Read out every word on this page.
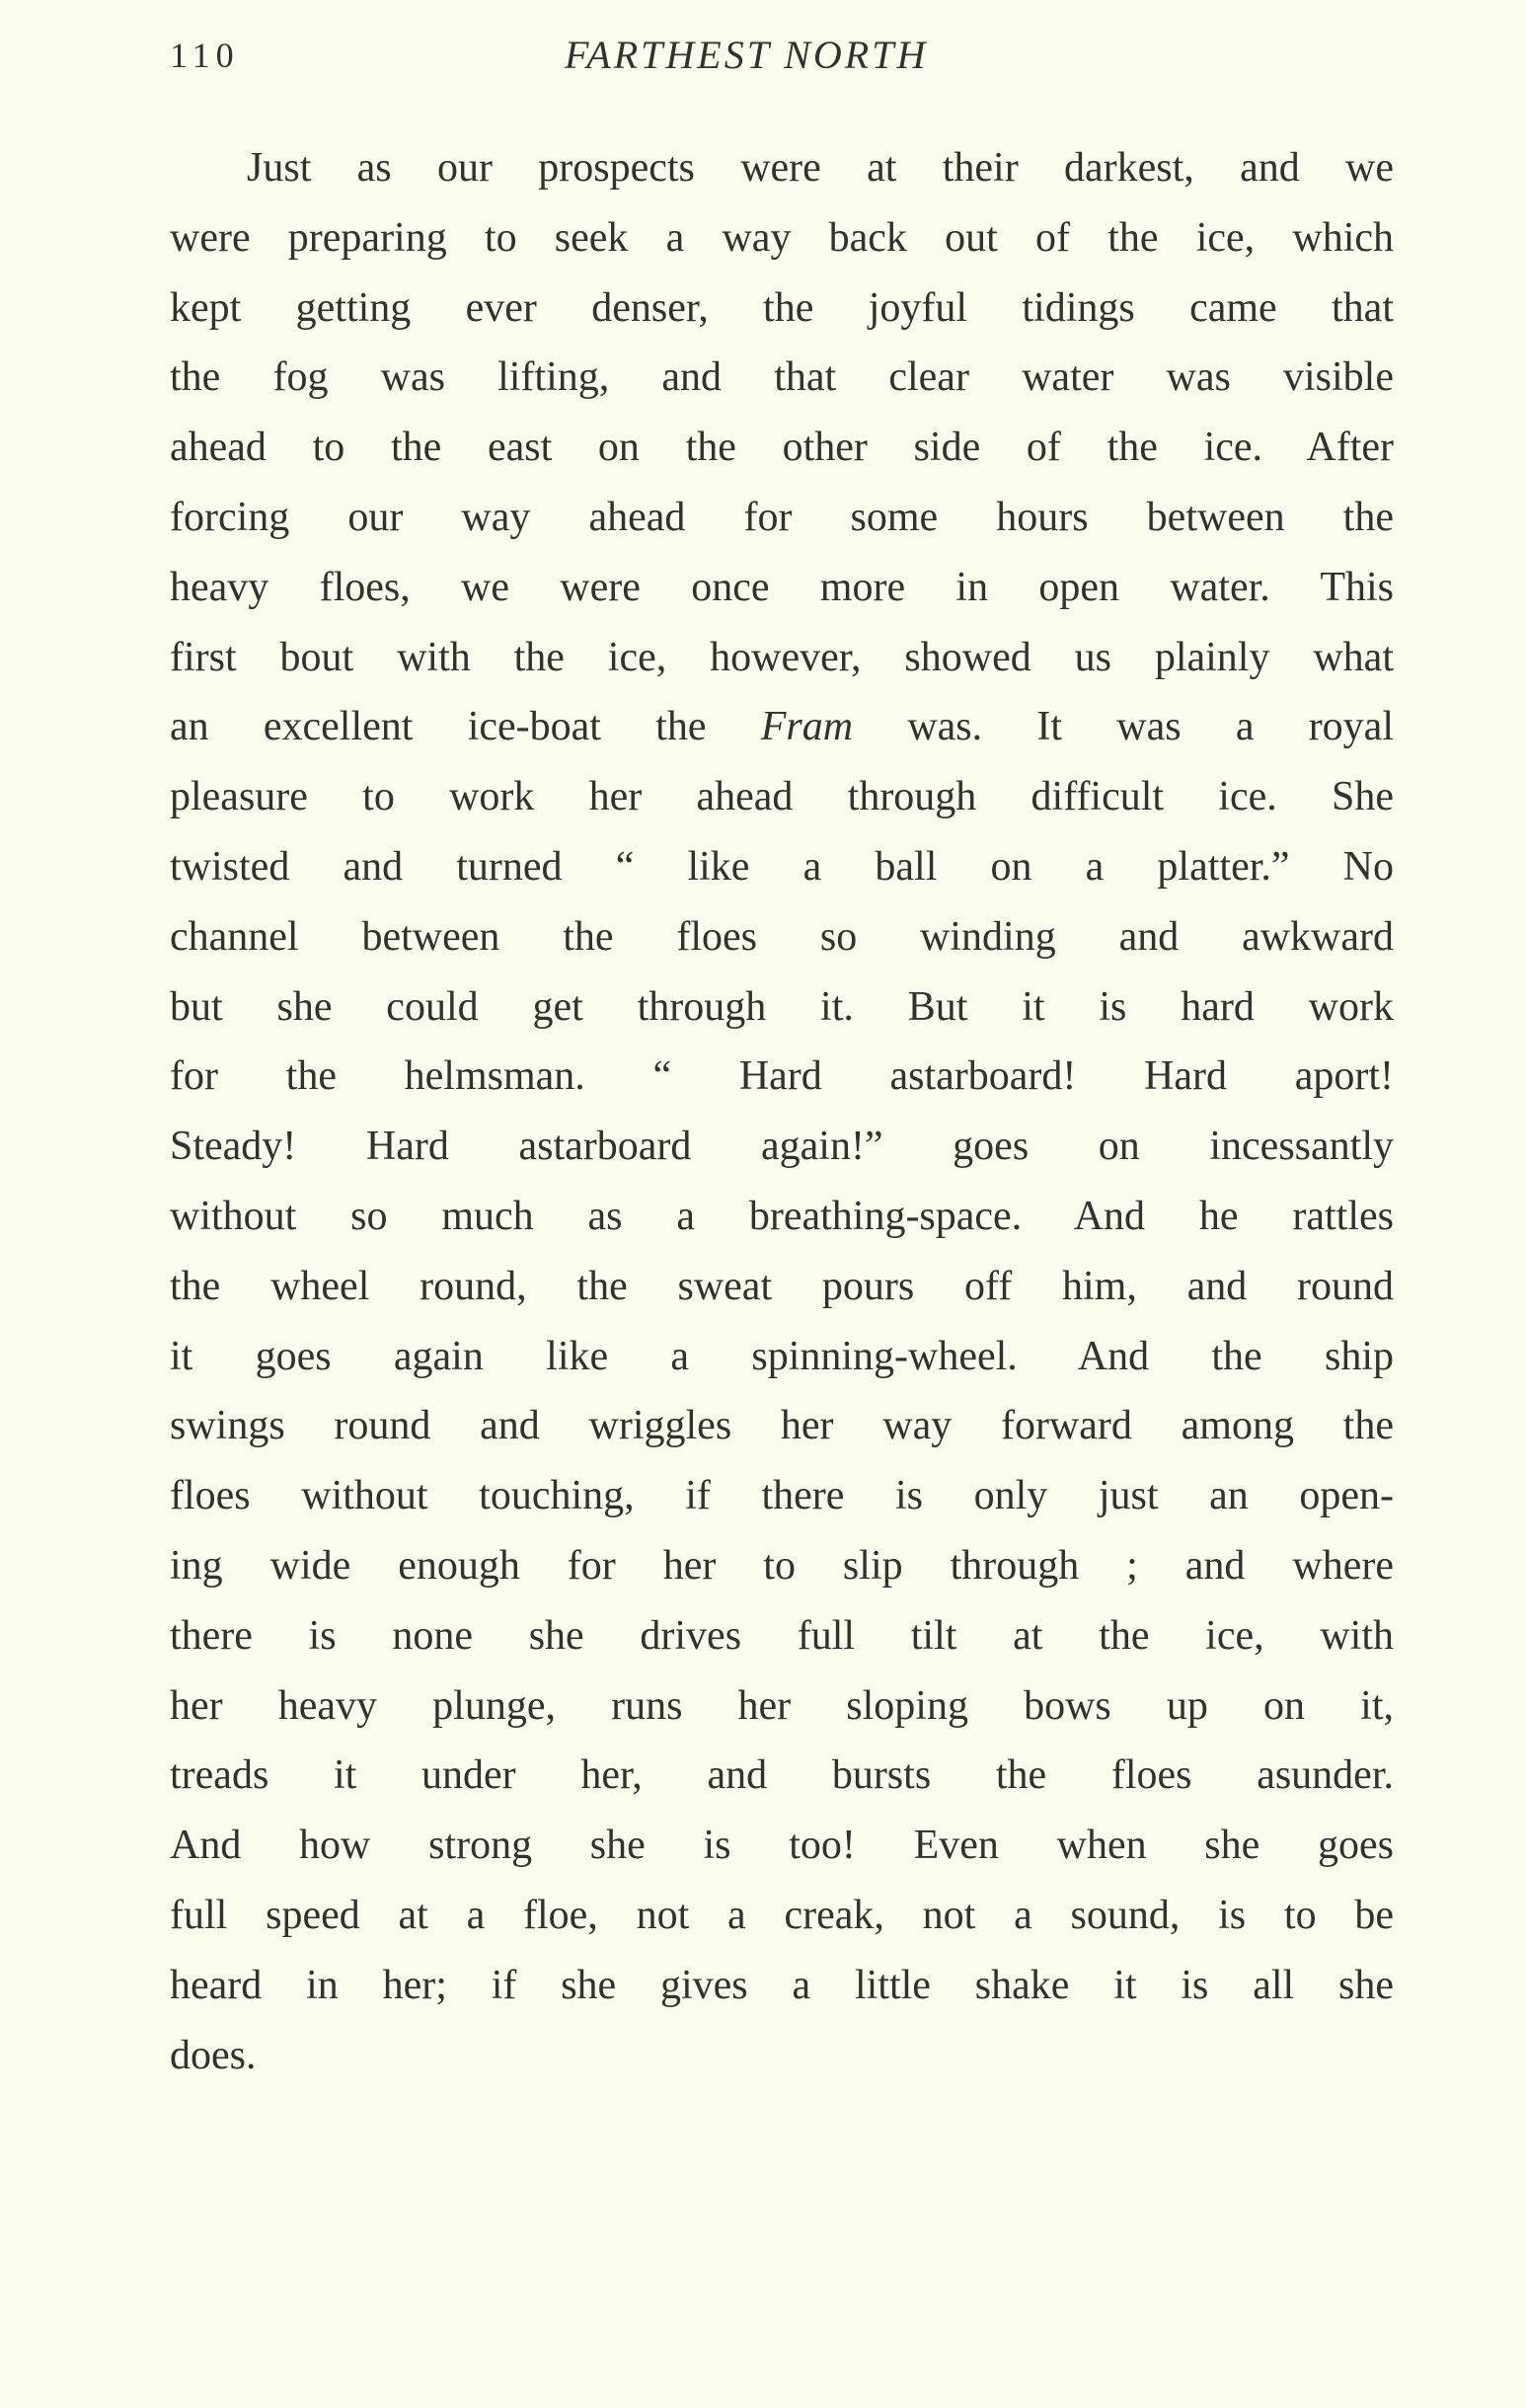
110	FARTHEST NORTH
Just as our prospects were at their darkest, and we
were preparing to seek a way back out of the ice, which
kept getting ever denser, the joyful tidings came that
the fog was lifting, and that clear water was visible
ahead to the east on the other side of the ice. After
forcing our way ahead for some hours between the
heavy floes, we were once more in open water. This
first bout with the ice, however, showed us plainly what
an excellent ice-boat the Fram was. It was a royal
pleasure to work her ahead through difficult ice. She
twisted and turned “ like a ball on a platter.” No
channel between the floes so winding and awkward
but she could get through it. But it is hard work
for the helmsman. “ Hard astarboard! Hard aport!
Steady! Hard astarboard again!” goes on incessantly
without so much as a breathing-space. And he rattles
the wheel round, the sweat pours off him, and round
it goes again like a spinning-wheel. And the ship
swings round and wriggles her way forward among the
floes without touching, if there is only just an open-
ing wide enough for her to slip through ; and where
there is none she drives full tilt at the ice, with
her heavy plunge, runs her sloping bows up on it,
treads it under her, and bursts the floes asunder.
And how strong she is too! Even when she goes
full speed at a floe, not a creak, not a sound, is to be
heard in her; if she gives a little shake it is all she
does.
